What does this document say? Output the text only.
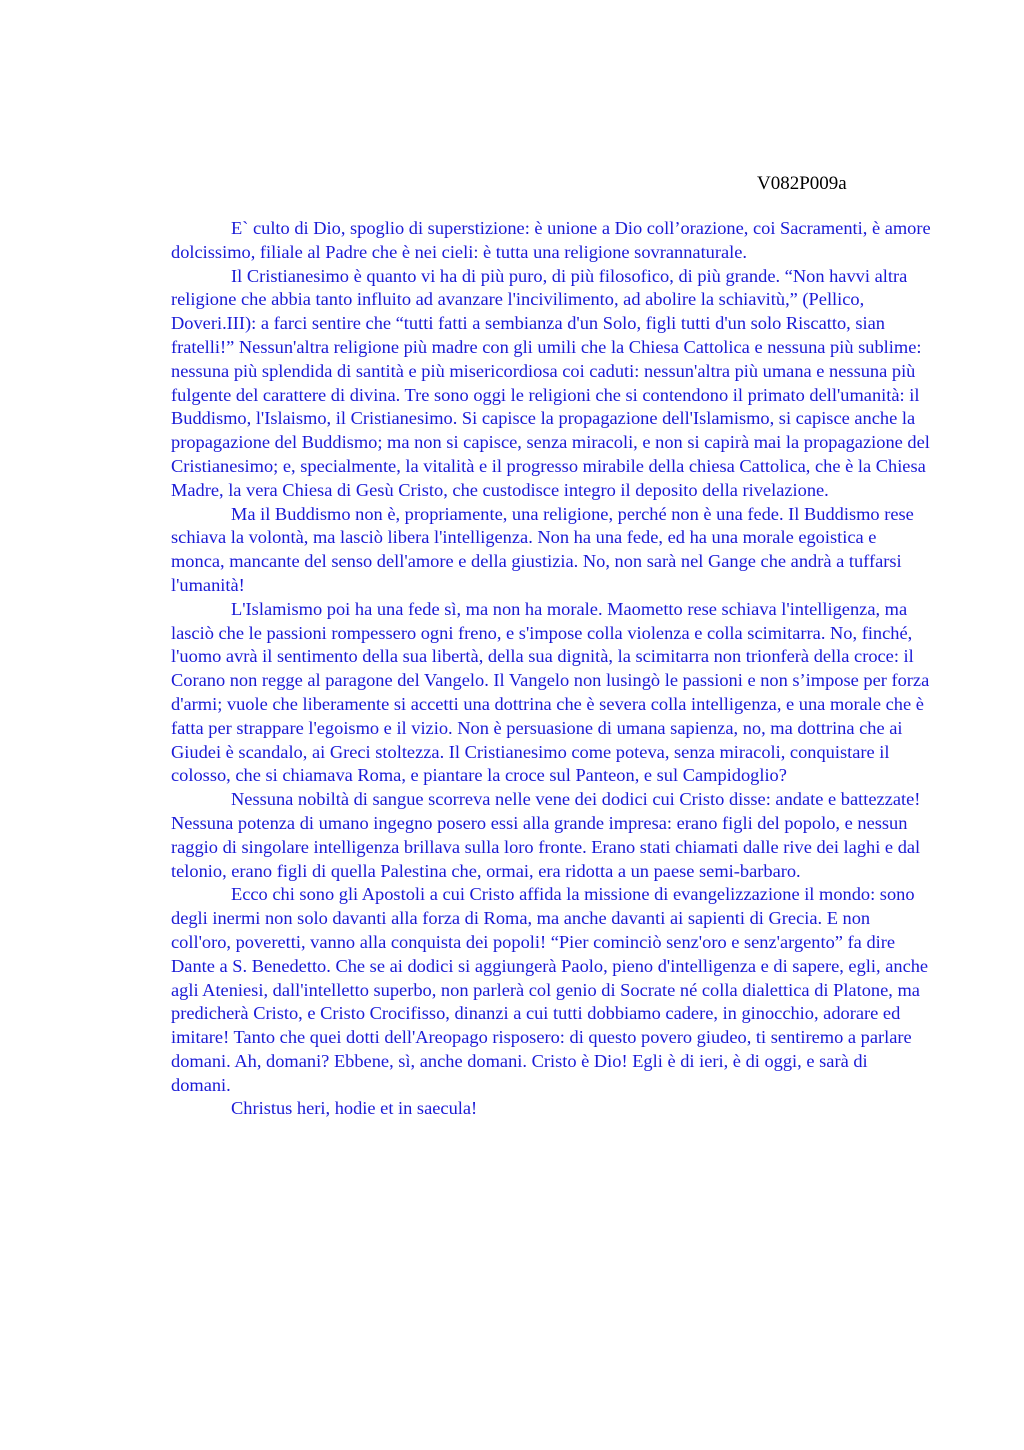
V082P009a

E` culto di Dio, spoglio di superstizione: è unione a Dio coll’orazione, coi Sacramenti, è amore dolcissimo, filiale al Padre che è nei cieli: è tutta una religione sovrannaturale.

Il Cristianesimo è quanto vi ha di più puro, di più filosofico, di più grande. “Non havvi altra religione che abbia tanto influito ad avanzare l'incivilimento, ad abolire la schiavitù,” (Pellico, Doveri.III): a farci sentire che “tutti fatti a sembianza d'un Solo, figli tutti d'un solo Riscatto, sian fratelli!” Nessun'altra religione più madre con gli umili che la Chiesa Cattolica e nessuna più sublime: nessuna più splendida di santità e più misericordiosa coi caduti: nessun'altra più umana e nessuna più fulgente del carattere di divina. Tre sono oggi le religioni che si contendono il primato dell'umanità: il Buddismo, l'Islaismo, il Cristianesimo. Si capisce la propagazione dell'Islamismo, si capisce anche la propagazione del Buddismo; ma non si capisce, senza miracoli, e non si capirà mai la propagazione del Cristianesimo; e, specialmente, la vitalità e il progresso mirabile della chiesa Cattolica, che è la Chiesa Madre, la vera Chiesa di Gesù Cristo, che custodisce integro il deposito della rivelazione.

Ma il Buddismo non è, propriamente, una religione, perché non è una fede. Il Buddismo rese schiava la volontà, ma lasciò libera l'intelligenza. Non ha una fede, ed ha una morale egoistica e monca, mancante del senso dell'amore e della giustizia. No, non sarà nel Gange che andrà a tuffarsi l'umanità!

L'Islamismo poi ha una fede sì, ma non ha morale. Maometto rese schiava l'intelligenza, ma lasciò che le passioni rompessero ogni freno, e s'impose colla violenza e colla scimitarra. No, finché, l'uomo avrà il sentimento della sua libertà, della sua dignità, la scimitarra non trionferà della croce: il Corano non regge al paragone del Vangelo. Il Vangelo non lusingò le passioni e non s’impose per forza d'armi; vuole che liberamente si accetti una dottrina che è severa colla intelligenza, e una morale che è fatta per strappare l'egoismo e il vizio. Non è persuasione di umana sapienza, no, ma dottrina che ai Giudei è scandalo, ai Greci stoltezza. Il Cristianesimo come poteva, senza miracoli, conquistare il colosso, che si chiamava Roma, e piantare la croce sul Panteon, e sul Campidoglio?

Nessuna nobiltà di sangue scorreva nelle vene dei dodici cui Cristo disse: andate e battezzate! Nessuna potenza di umano ingegno posero essi alla grande impresa: erano figli del popolo, e nessun raggio di singolare intelligenza brillava sulla loro fronte. Erano stati chiamati dalle rive dei laghi e dal telonio, erano figli di quella Palestina che, ormai, era ridotta a un paese semi-barbaro.

Ecco chi sono gli Apostoli a cui Cristo affida la missione di evangelizzazione il mondo: sono degli inermi non solo davanti alla forza di Roma, ma anche davanti ai sapienti di Grecia. E non coll'oro, poveretti, vanno alla conquista dei popoli! “Pier cominciò senz'oro e senz'argento” fa dire Dante a S. Benedetto. Che se ai dodici si aggiungerà Paolo, pieno d'intelligenza e di sapere, egli, anche agli Ateniesi, dall'intelletto superbo, non parlerà col genio di Socrate né colla dialettica di Platone, ma predicherà Cristo, e Cristo Crocifisso, dinanzi a cui tutti dobbiamo cadere, in ginocchio, adorare ed imitare! Tanto che quei dotti dell'Areopago risposero: di questo povero giudeo, ti sentiremo a parlare domani. Ah, domani? Ebbene, sì, anche domani. Cristo è Dio! Egli è di ieri, è di oggi, e sarà di domani.

Christus heri, hodie et in saecula!
